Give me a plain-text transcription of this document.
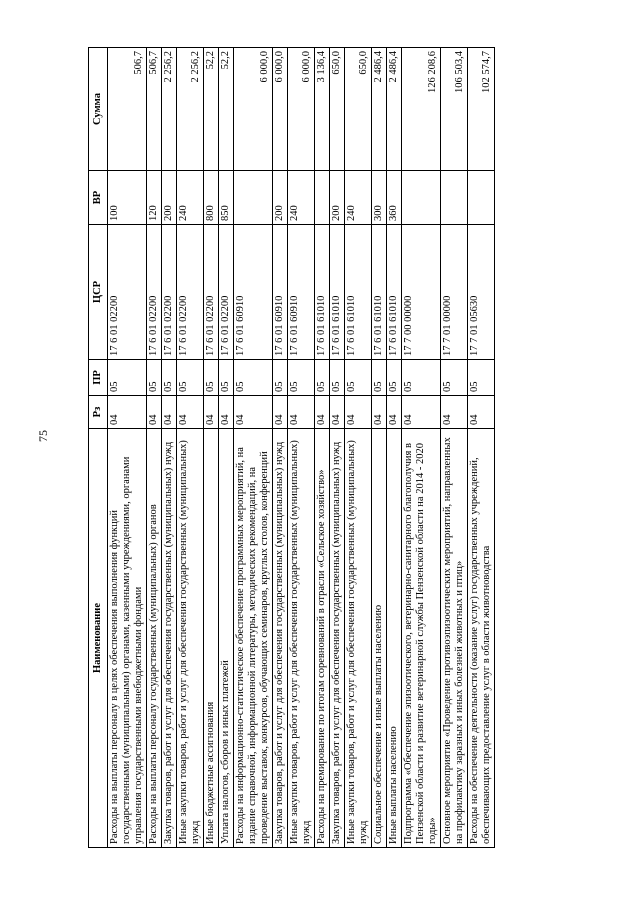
75
Наименование	Рз	ПР	ЦСР	ВР	Сумма
Расходы на выплаты персоналу в целях обеспечения выполнения функций государственными (муниципальными) органами, казенными учреждениями, органами управления государственными внебюджетными фондами	04	05	17 6 01 02200	100	506,7
Расходы на выплаты персоналу государственных (муниципальных) органов	04	05	17 6 01 02200	120	506,7
Закупка товаров, работ и услуг для обеспечения государственных (муниципальных) нужд	04	05	17 6 01 02200	200	2 256,2
Иные закупки товаров, работ и услуг для обеспечения государственных (муниципальных) нужд	04	05	17 6 01 02200	240	2 256,2
Иные бюджетные ассигнования	04	05	17 6 01 02200	800	52,2
Уплата налогов, сборов и иных платежей	04	05	17 6 01 02200	850	52,2
Расходы на информационно-статистическое обеспечение программных мероприятий, на издание справочной, информационной литературы, методических рекомендаций, на проведение выставок, конкурсов, обучающих семинаров, круглых столов, конференций	04	05	17 6 01 60910		6 000,0
Закупка товаров, работ и услуг для обеспечения государственных (муниципальных) нужд	04	05	17 6 01 60910	200	6 000,0
Иные закупки товаров, работ и услуг для обеспечения государственных (муниципальных) нужд	04	05	17 6 01 60910	240	6 000,0
Расходы на премирование по итогам соревнований в отрасли «Сельское хозяйство»	04	05	17 6 01 61010		3 136,4
Закупка товаров, работ и услуг для обеспечения государственных (муниципальных) нужд	04	05	17 6 01 61010	200	650,0
Иные закупки товаров, работ и услуг для обеспечения государственных (муниципальных) нужд	04	05	17 6 01 61010	240	650,0
Социальное обеспечение и иные выплаты населению	04	05	17 6 01 61010	300	2 486,4
Иные выплаты населению	04	05	17 6 01 61010	360	2 486,4
Подпрограмма «Обеспечение эпизоотического, ветеринарно-санитарного благополучия в Пензенской области и развитие ветеринарной службы Пензенской области на 2014 - 2020 годы»	04	05	17 7 00 00000		126 208,6
Основное мероприятие «Проведение противоэпизоотических мероприятий, направленных на профилактику заразных и иных болезней животных и птиц»	04	05	17 7 01 00000		106 503,4
Расходы на обеспечение деятельности (оказание услуг) государственных учреждений, обеспечивающих предоставление услуг в области животноводства	04	05	17 7 01 05630		102 574,7
